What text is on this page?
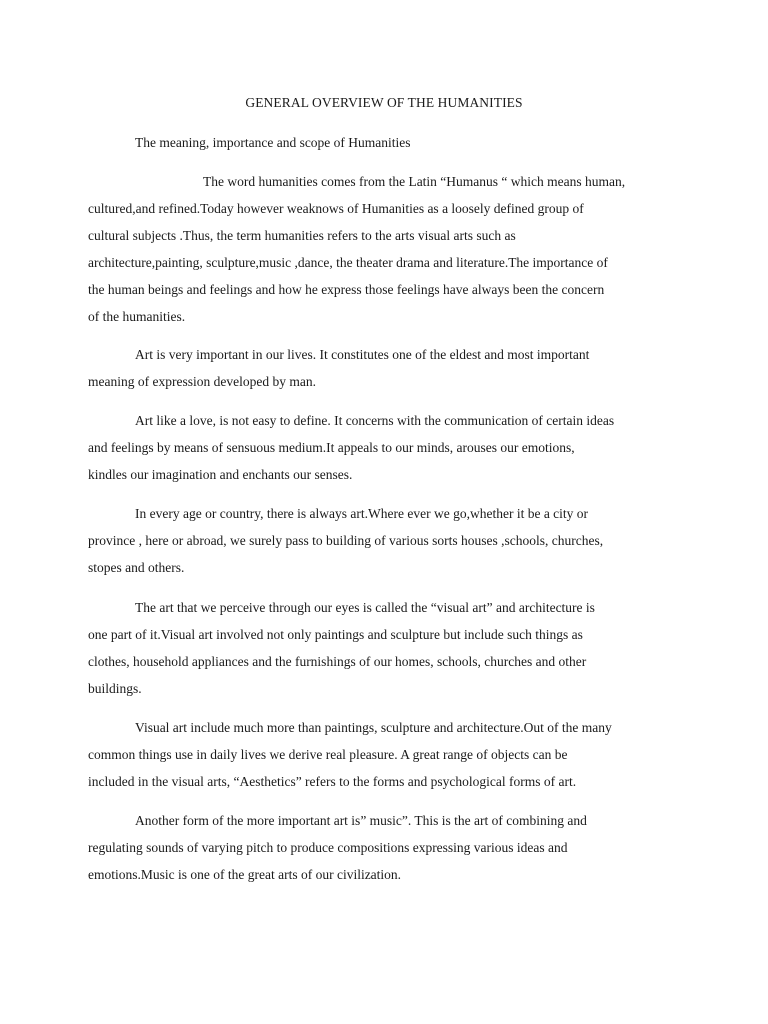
GENERAL OVERVIEW OF THE HUMANITIES
The meaning, importance and scope of Humanities

The word humanities comes from the Latin “Humanus “ which means human,
cultured,and refined.Today however weaknows of Humanities as a loosely defined group of
cultural subjects .Thus, the term humanities refers to the arts visual arts such as
architecture,painting, sculpture,music ,dance, the theater drama and literature.The importance of
the human beings and feelings and how he express those feelings have always been the concern
of the humanities.

Art is very important in our lives. It constitutes one of the eldest and most important
meaning of expression developed by man.

Art like a love, is not easy to define. It concerns with the communication of certain ideas
and feelings by means of sensuous medium.It appeals to our minds, arouses our emotions,
kindles our imagination and enchants our senses.

In every age or country, there is always art.Where ever we go,whether it be a city or
province , here or abroad, we surely pass to building of various sorts houses ,schools, churches,
stopes and others.

The art that we perceive through our eyes is called the “visual art” and architecture is
one part of it.Visual art involved not only paintings and sculpture but include such things as
clothes, household appliances and the furnishings of our homes, schools, churches and other
buildings.

Visual art include much more than paintings, sculpture and architecture.Out of the many
common things use in daily lives we derive real pleasure. A great range of objects can be
included in the visual arts, “Aesthetics” refers to the forms and psychological forms of art.

Another form of the more important art is” music”. This is the art of combining and
regulating sounds of varying pitch to produce compositions expressing various ideas and
emotions.Music is one of the great arts of our civilization.
